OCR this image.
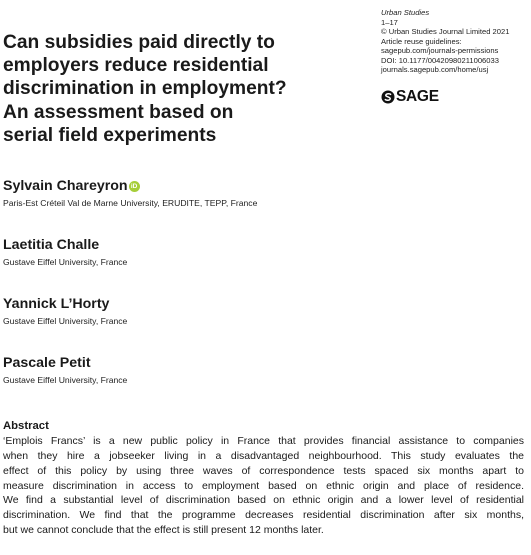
Can subsidies paid directly to
employers reduce residential
discrimination in employment?
An assessment based on
serial field experiments
Urban Studies
1–17
© Urban Studies Journal Limited 2021
Article reuse guidelines:
sagepub.com/journals-permissions
DOI: 10.1177/00420980211006033
journals.sagepub.com/home/usj
SAGE
Sylvain Chareyron iD
Paris-Est Créteil Val de Marne University, ERUDITE, TEPP, France
Laetitia Challe
Gustave Eiffel University, France
Yannick L’Horty
Gustave Eiffel University, France
Pascale Petit
Gustave Eiffel University, France
Abstract
‘Emplois Francs’ is a new public policy in France that provides financial assistance to companies
when they hire a jobseeker living in a disadvantaged neighbourhood. This study evaluates the
effect of this policy by using three waves of correspondence tests spaced six months apart to
measure discrimination in access to employment based on ethnic origin and place of residence.
We find a substantial level of discrimination based on ethnic origin and a lower level of residential
discrimination. We find that the programme decreases residential discrimination after six months,
but we cannot conclude that the effect is still present 12 months later.
